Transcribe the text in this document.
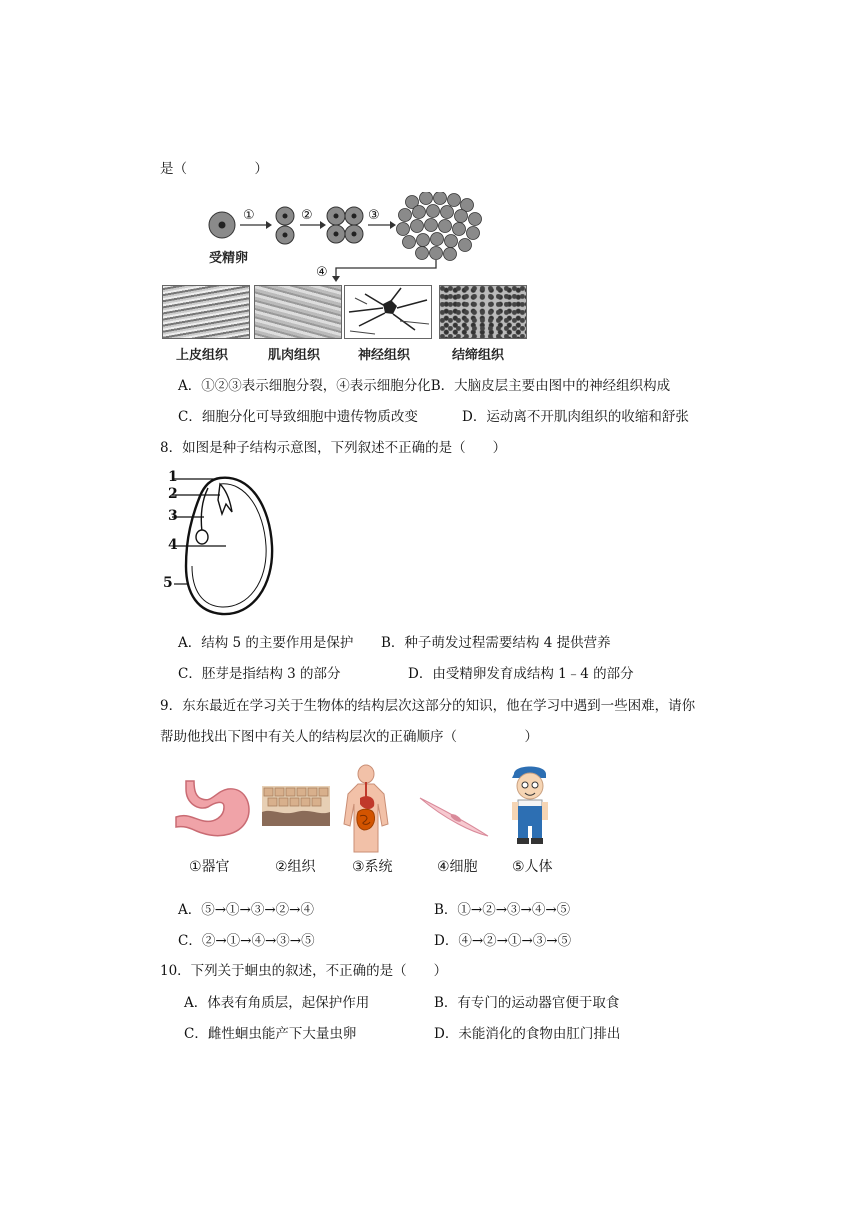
是（　　　　　）
①	②	③
④
受精卵
上皮组织	肌肉组织	神经组织	结缔组织
A．①②③表示细胞分裂，④表示细胞分化B．大脑皮层主要由图中的神经组织构成
C．细胞分化可导致细胞中遗传物质改变	D．运动离不开肌肉组织的收缩和舒张
8．如图是种子结构示意图，下列叙述不正确的是（　　）
1
2
3
4
5
A．结构 5 的主要作用是保护 B．种子萌发过程需要结构 4 提供营养
C．胚芽是指结构 3 的部分	D．由受精卵发育成结构 1﹣4 的部分
9．东东最近在学习关于生物体的结构层次这部分的知识，他在学习中遇到一些困难，请你
帮助他找出下图中有关人的结构层次的正确顺序（　　　　　）
①器官	②组织	③系统	④细胞 ⑤人体
A．⑤→①→③→②→④	B．①→②→③→④→⑤
C．②→①→④→③→⑤	D．④→②→①→③→⑤
10．下列关于蛔虫的叙述，不正确的是（　　）
A．体表有角质层，起保护作用	B．有专门的运动器官便于取食
C．雌性蛔虫能产下大量虫卵	D．未能消化的食物由肛门排出
